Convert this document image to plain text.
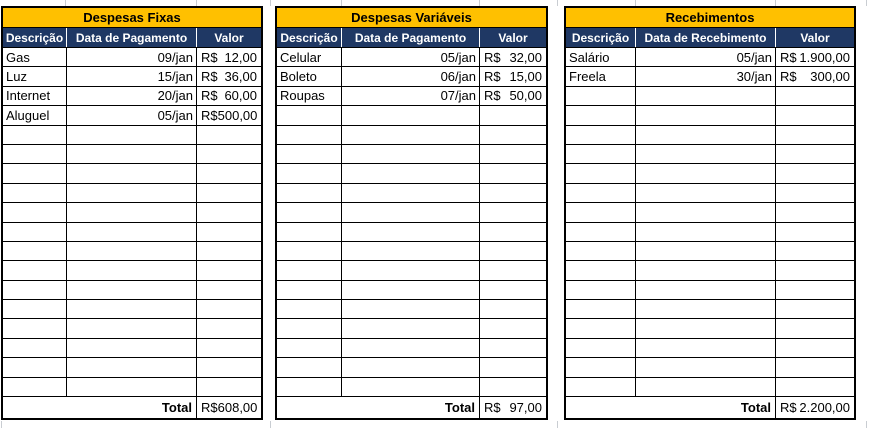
Despesas Fixas
Descrição	Data de Pagamento	Valor
Gas	09/jan R$ 12,00
Luz	15/jan R$ 36,00
Internet	20/jan R$ 60,00
Aluguel	05/jan R$ 500,00
Total R$ 608,00
Despesas Variáveis
Descrição	Data de Pagamento	Valor
Celular	05/jan R$ 32,00
Boleto	06/jan R$ 15,00
Roupas	07/jan R$ 50,00
Total R$ 97,00
Recebimentos
Descrição	Data de Recebimento	Valor
Salário	05/jan R$ 1.900,00
Freela	30/jan R$ 300,00
Total R$ 2.200,00
